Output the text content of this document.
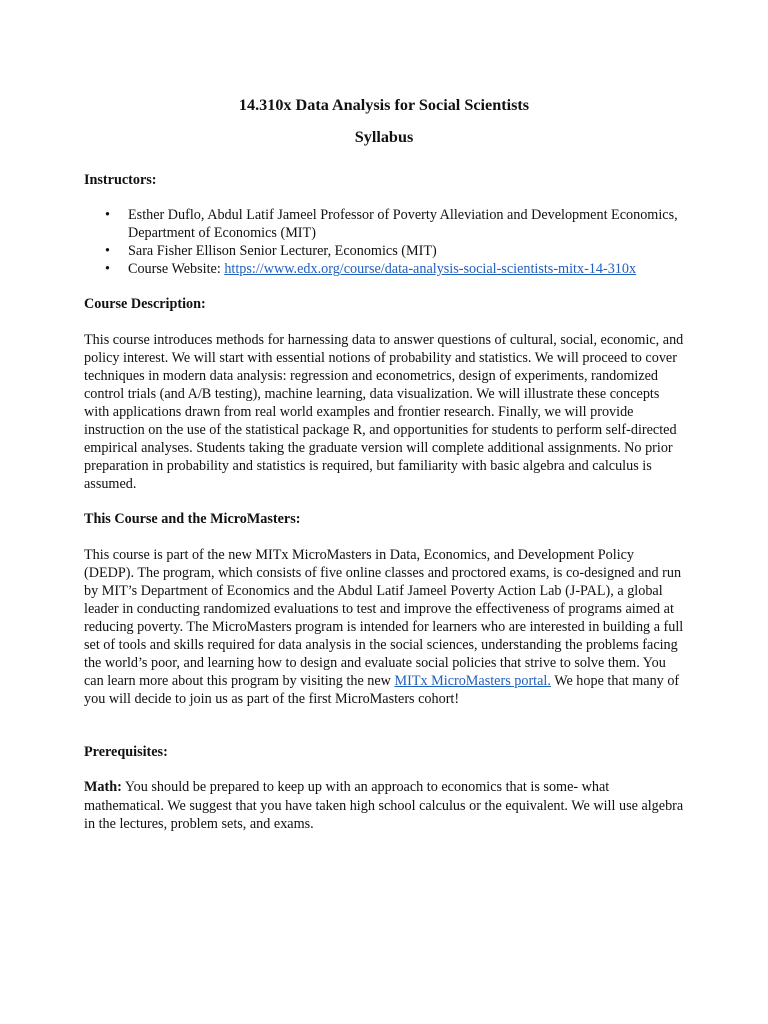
14.310x Data Analysis for Social Scientists
Syllabus

Instructors:

• Esther Duflo, Abdul Latif Jameel Professor of Poverty Alleviation and Development Economics, Department of Economics (MIT)
• Sara Fisher Ellison Senior Lecturer, Economics (MIT)
• Course Website: https://www.edx.org/course/data-analysis-social-scientists-mitx-14-310x

Course Description:

This course introduces methods for harnessing data to answer questions of cultural, social, economic, and policy interest. We will start with essential notions of probability and statistics. We will proceed to cover techniques in modern data analysis: regression and econometrics, design of experiments, randomized control trials (and A/B testing), machine learning, data visualization. We will illustrate these concepts with applications drawn from real world examples and frontier research. Finally, we will provide instruction on the use of the statistical package R, and opportunities for students to perform self-directed empirical analyses. Students taking the graduate version will complete additional assignments. No prior preparation in probability and statistics is required, but familiarity with basic algebra and calculus is assumed.

This Course and the MicroMasters:

This course is part of the new MITx MicroMasters in Data, Economics, and Development Policy (DEDP). The program, which consists of five online classes and proctored exams, is co-designed and run by MIT’s Department of Economics and the Abdul Latif Jameel Poverty Action Lab (J-PAL), a global leader in conducting randomized evaluations to test and improve the effectiveness of programs aimed at reducing poverty. The MicroMasters program is intended for learners who are interested in building a full set of tools and skills required for data analysis in the social sciences, understanding the problems facing the world’s poor, and learning how to design and evaluate social policies that strive to solve them. You can learn more about this program by visiting the new MITx MicroMasters portal. We hope that many of you will decide to join us as part of the first MicroMasters cohort!

Prerequisites:

Math: You should be prepared to keep up with an approach to economics that is some- what mathematical. We suggest that you have taken high school calculus or the equivalent. We will use algebra in the lectures, problem sets, and exams.
